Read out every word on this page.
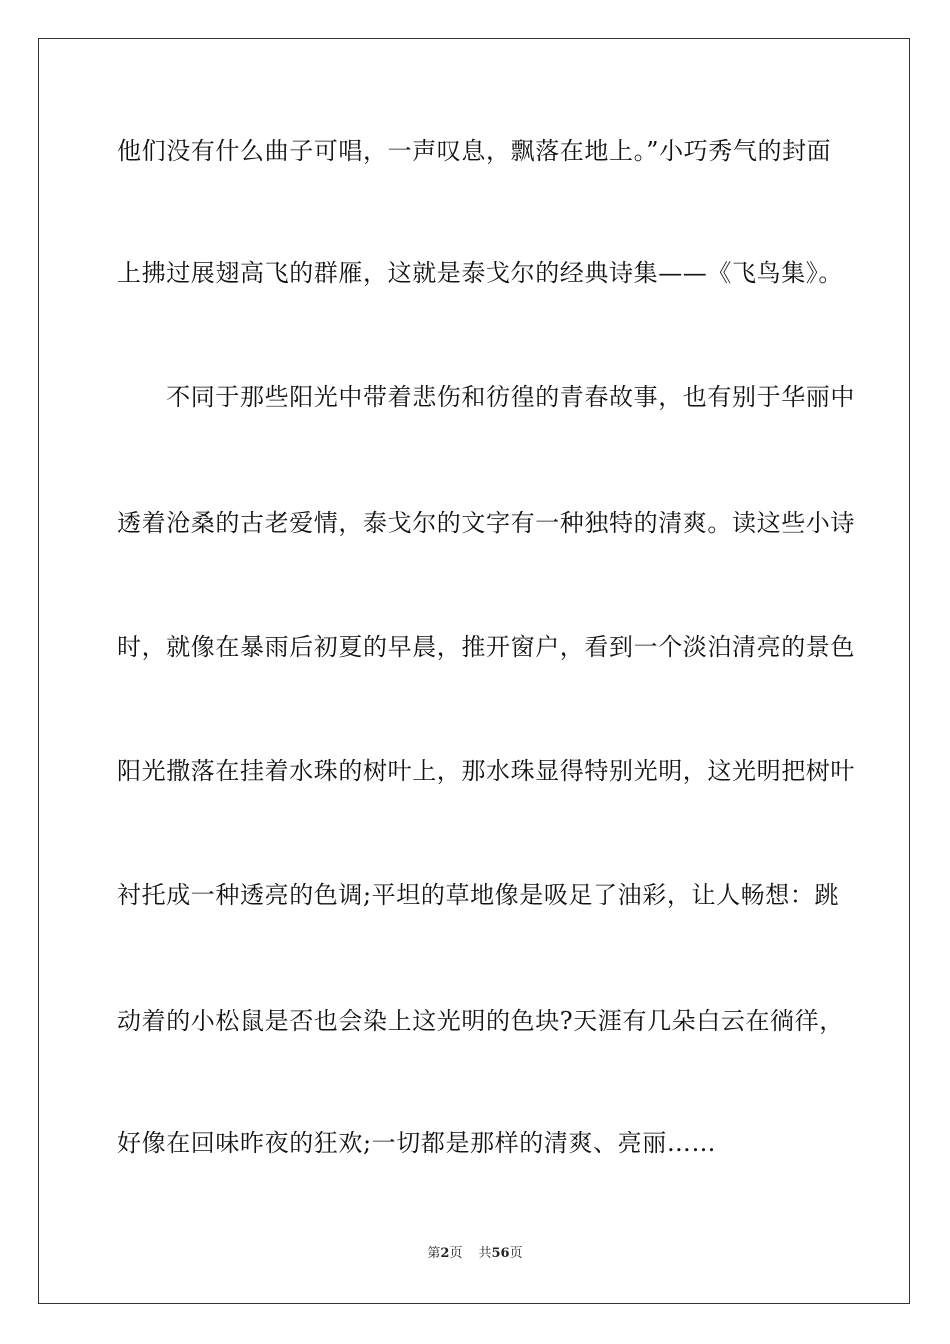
他们没有什么曲子可唱，一声叹息，飘落在地上。”小巧秀气的封面
上拂过展翅高飞的群雁，这就是泰戈尔的经典诗集——《飞鸟集》。
　　不同于那些阳光中带着悲伤和彷徨的青春故事，也有别于华丽中
透着沧桑的古老爱情，泰戈尔的文字有一种独特的清爽。读这些小诗
时，就像在暴雨后初夏的早晨，推开窗户，看到一个淡泊清亮的景色
阳光撒落在挂着水珠的树叶上，那水珠显得特别光明，这光明把树叶
衬托成一种透亮的色调;平坦的草地像是吸足了油彩，让人畅想：跳
动着的小松鼠是否也会染上这光明的色块?天涯有几朵白云在徜徉，
好像在回味昨夜的狂欢;一切都是那样的清爽、亮丽……
第2页 共56页
